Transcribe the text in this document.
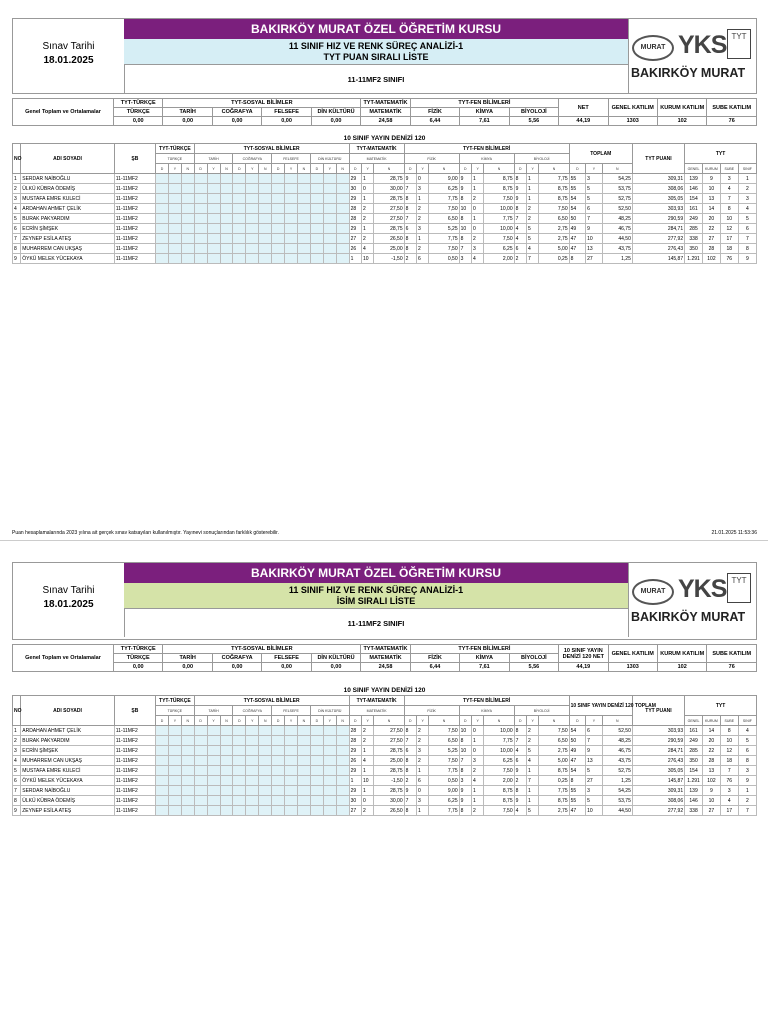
Sınav Tarihi
18.01.2025
BAKIRKÖY MURAT ÖZEL ÖĞRETİM KURSU
11 SINIF HIZ VE RENK SÜREÇ ANALİZİ-1
TYT PUAN SIRALI LİSTE
11-11MF2 SINIFI
MURAT YKS TYT
BAKIRKÖY MURAT
Genel Toplam ve Ortalamalar	TYT-TÜRKÇE	TYT-SOSYAL BİLİMLER				TYT-MATEMATİK	TYT-FEN BİLİMLERİ			NET	GENEL KATILIM	KURUM KATILIM	SUBE KATILIM
	TÜRKÇE	TARİH	COĞRAFYA	FELSEFE	DİN KÜLTÜRÜ	MATEMATİK	FİZİK	KİMYA	BİYOLOJİ				
	0,00	0,00	0,00	0,00	0,00	24,58	6,44	7,61	5,56	44,19	1303	102	76
10 SINIF YAYIN DENİZİ 120																																					
NO	ADI SOYADI	ŞB	TYT-TÜRKÇE			TYT-SOSYAL BİLİMLER												TYT-MATEMATİK			TYT-FEN BİLİMLERİ									TOPLAM			TYT PUANI	TYT			
			TÜRKÇE			TARİH			COĞRAFYA			FELSEFE			DİN KÜLTÜRÜ			MATEMATİK			FİZİK			KİMYA			BİYOLOJİ										
			D	Y	N	D	Y	N	D	Y	N	D	Y	N	D	Y	N	D	Y	N	D	Y	N	D	Y	N	D	Y	N	D	Y	N		GENEL	KURUM	SUBE	SINIF
1	SERDAR NAİBOĞLU	11-11MF2																29	1	28,75	9	0	9,00	9	1	8,75	8	1	7,75	55	3	54,25	309,31	139	9	3	1
2	ÜLKÜ KÜBRA ÖDEMİŞ	11-11MF2																30	0	30,00	7	3	6,25	9	1	8,75	9	1	8,75	55	5	53,75	308,06	146	10	4	2
3	MUSTAFA EMRE KULECİ	11-11MF2																29	1	28,75	8	1	7,75	8	2	7,50	9	1	8,75	54	5	52,75	305,05	154	13	7	3
4	ARDAHAN AHMET ÇELİK	11-11MF2																28	2	27,50	8	2	7,50	10	0	10,00	8	2	7,50	54	6	52,50	303,93	161	14	8	4
5	BURAK PAKYARDIM	11-11MF2																28	2	27,50	7	2	6,50	8	1	7,75	7	2	6,50	50	7	48,25	290,59	249	20	10	5
6	ECRİN ŞİMŞEK	11-11MF2																29	1	28,75	6	3	5,25	10	0	10,00	4	5	2,75	49	9	46,75	284,71	285	22	12	6
7	ZEYNEP ESİLA ATEŞ	11-11MF2																27	2	26,50	8	1	7,75	8	2	7,50	4	5	2,75	47	10	44,50	277,92	338	27	17	7
8	MUHARREM CAN UKŞAŞ	11-11MF2																26	4	25,00	8	2	7,50	7	3	6,25	6	4	5,00	47	13	43,75	276,43	350	28	18	8
9	ÖYKÜ MELEK YÜCEKAYA	11-11MF2																1	10	-1,50	2	6	0,50	3	4	2,00	2	7	0,25	8	27	1,25	145,87	1.291	102	76	9
Puan hesaplamalarında 2023 yılına ait gerçek sınav katsayıları kullanılmıştır. Yayınevi sonuçlarından farklılık gösterebilir.	21.01.2025 11:53:36
Sınav Tarihi
18.01.2025
BAKIRKÖY MURAT ÖZEL ÖĞRETİM KURSU
11 SINIF HIZ VE RENK SÜREÇ ANALİZİ-1
İSİM SIRALI LİSTE
11-11MF2 SINIFI
MURAT YKS TYT
BAKIRKÖY MURAT
Genel Toplam ve Ortalamalar	TYT-TÜRKÇE	TYT-SOSYAL BİLİMLER				TYT-MATEMATİK	TYT-FEN BİLİMLERİ			10 SINIF YAYIN DENİZİ 120 NET	GENEL KATILIM	KURUM KATILIM	SUBE KATILIM
	TÜRKÇE	TARİH	COĞRAFYA	FELSEFE	DİN KÜLTÜRÜ	MATEMATİK	FİZİK	KİMYA	BİYOLOJİ				
	0,00	0,00	0,00	0,00	0,00	24,58	6,44	7,61	5,56	44,19	1303	102	76
10 SINIF YAYIN DENİZİ 120																																					
NO	ADI SOYADI	ŞB	TYT-TÜRKÇE			TYT-SOSYAL BİLİMLER												TYT-MATEMATİK			TYT-FEN BİLİMLERİ									10 SINIF YAYIN DENİZİ 120 TOPLAM			TYT PUANI	TYT			
			TÜRKÇE			TARİH			COĞRAFYA			FELSEFE			DİN KÜLTÜRÜ			MATEMATİK			FİZİK			KİMYA			BİYOLOJİ										
			D	Y	N	D	Y	N	D	Y	N	D	Y	N	D	Y	N	D	Y	N	D	Y	N	D	Y	N	D	Y	N	D	Y	N		GENEL	KURUM	SUBE	SINIF
1	ARDAHAN AHMET ÇELİK	11-11MF2																28	2	27,50	8	2	7,50	10	0	10,00	8	2	7,50	54	6	52,50	303,93	161	14	8	4
2	BURAK PAKYARDIM	11-11MF2																28	2	27,50	7	2	6,50	8	1	7,75	7	2	6,50	50	7	48,25	290,59	249	20	10	5
3	ECRİN ŞİMŞEK	11-11MF2																29	1	28,75	6	3	5,25	10	0	10,00	4	5	2,75	49	9	46,75	284,71	285	22	12	6
4	MUHARREM CAN UKŞAŞ	11-11MF2																26	4	25,00	8	2	7,50	7	3	6,25	6	4	5,00	47	13	43,75	276,43	350	28	18	8
5	MUSTAFA EMRE KULECİ	11-11MF2																29	1	28,75	8	1	7,75	8	2	7,50	9	1	8,75	54	5	52,75	305,05	154	13	7	3
6	ÖYKÜ MELEK YÜCEKAYA	11-11MF2																1	10	-1,50	2	6	0,50	3	4	2,00	2	7	0,25	8	27	1,25	145,87	1.291	102	76	9
7	SERDAR NAİBOĞLU	11-11MF2																29	1	28,75	9	0	9,00	9	1	8,75	8	1	7,75	55	3	54,25	309,31	139	9	3	1
8	ÜLKÜ KÜBRA ÖDEMİŞ	11-11MF2																30	0	30,00	7	3	6,25	9	1	8,75	9	1	8,75	55	5	53,75	308,06	146	10	4	2
9	ZEYNEP ESİLA ATEŞ	11-11MF2																27	2	26,50	8	1	7,75	8	2	7,50	4	5	2,75	47	10	44,50	277,92	338	27	17	7
